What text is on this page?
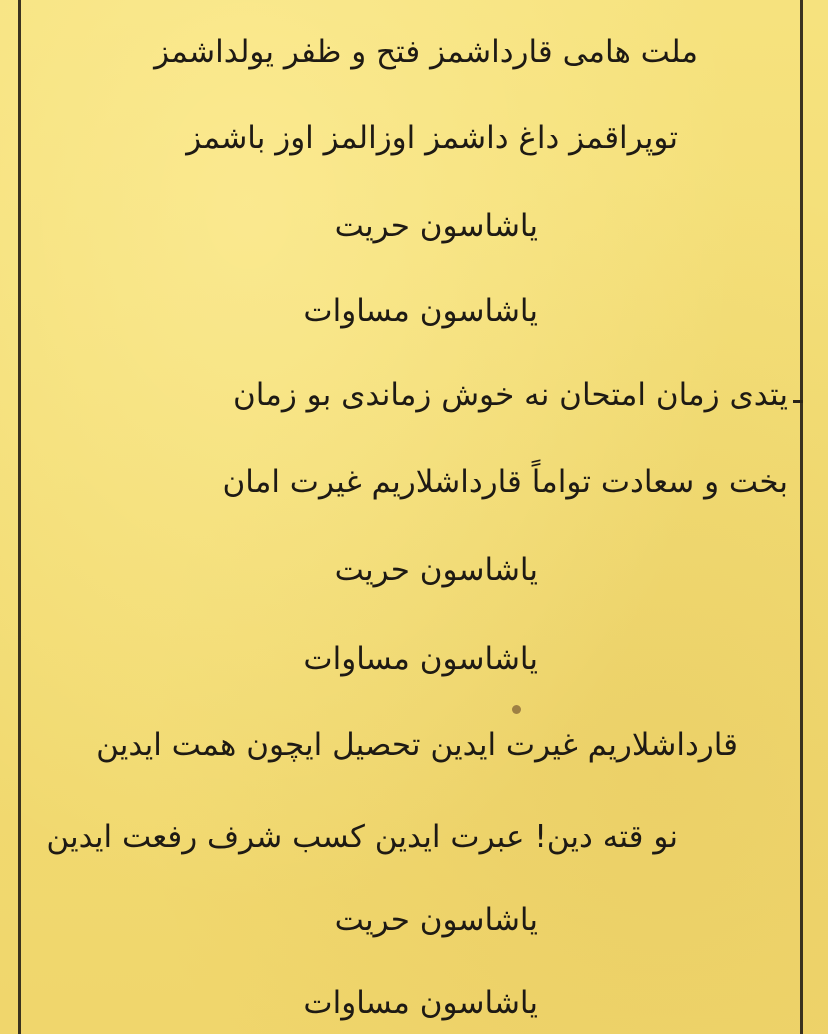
ملت هامی قارداشمز فتح و ظفر یولداشمز
توپراقمز داغ داشمز اوزالمز اوز باشمز
یاشاسون حریت
یاشاسون مساوات
یتدی زمان امتحان نه خوش زماندی بو زمان
بخت و سعادت تواماً قارداشلاریم غیرت امان
یاشاسون حریت
یاشاسون مساوات
قارداشلاریم غیرت ایدین تحصیل ایچون همت ایدین
نو قته دین! عبرت ایدین کسب شرف رفعت ایدین
یاشاسون حریت
یاشاسون مساوات
